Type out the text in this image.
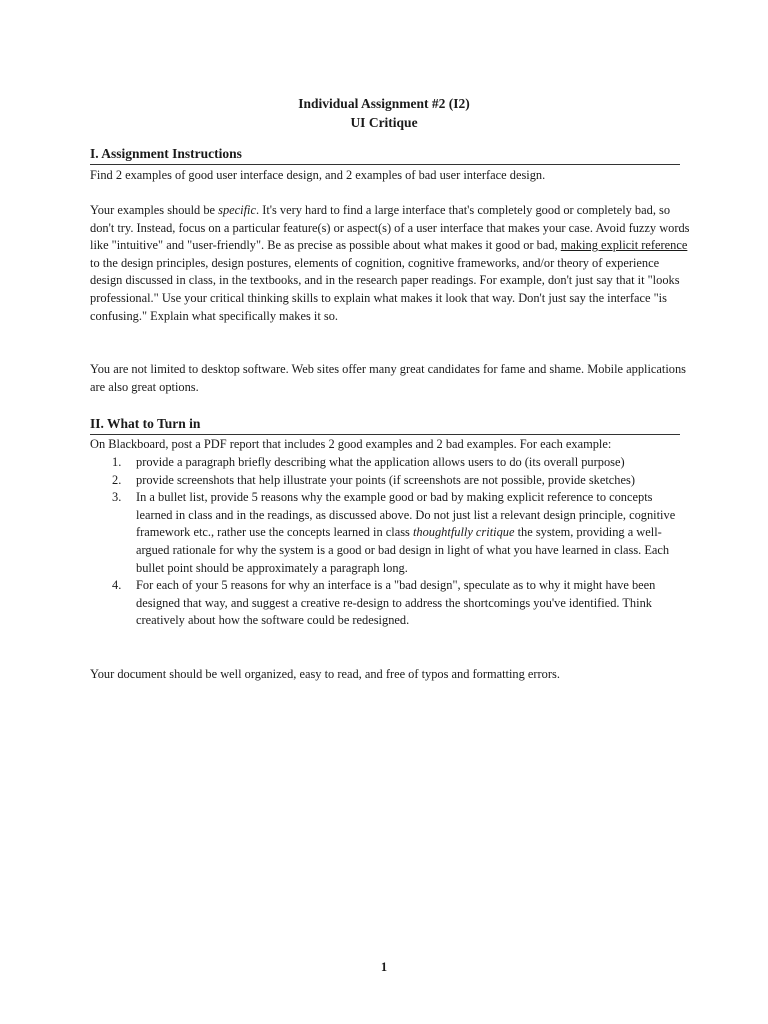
Individual Assignment #2 (I2)
UI Critique
I. Assignment Instructions
Find 2 examples of good user interface design, and 2 examples of bad user interface design.
Your examples should be specific. It's very hard to find a large interface that's completely good or completely bad, so don't try. Instead, focus on a particular feature(s) or aspect(s) of a user interface that makes your case. Avoid fuzzy words like "intuitive" and "user-friendly". Be as precise as possible about what makes it good or bad, making explicit reference to the design principles, design postures, elements of cognition, cognitive frameworks, and/or theory of experience design discussed in class, in the textbooks, and in the research paper readings. For example, don't just say that it "looks professional." Use your critical thinking skills to explain what makes it look that way. Don't just say the interface "is confusing." Explain what specifically makes it so.
You are not limited to desktop software. Web sites offer many great candidates for fame and shame. Mobile applications are also great options.
II. What to Turn in
On Blackboard, post a PDF report that includes 2 good examples and 2 bad examples. For each example:
1. provide a paragraph briefly describing what the application allows users to do (its overall purpose)
2. provide screenshots that help illustrate your points (if screenshots are not possible, provide sketches)
3. In a bullet list, provide 5 reasons why the example good or bad by making explicit reference to concepts learned in class and in the readings, as discussed above. Do not just list a relevant design principle, cognitive framework etc., rather use the concepts learned in class thoughtfully critique the system, providing a well-argued rationale for why the system is a good or bad design in light of what you have learned in class. Each bullet point should be approximately a paragraph long.
4. For each of your 5 reasons for why an interface is a "bad design", speculate as to why it might have been designed that way, and suggest a creative re-design to address the shortcomings you've identified. Think creatively about how the software could be redesigned.
Your document should be well organized, easy to read, and free of typos and formatting errors.
1
